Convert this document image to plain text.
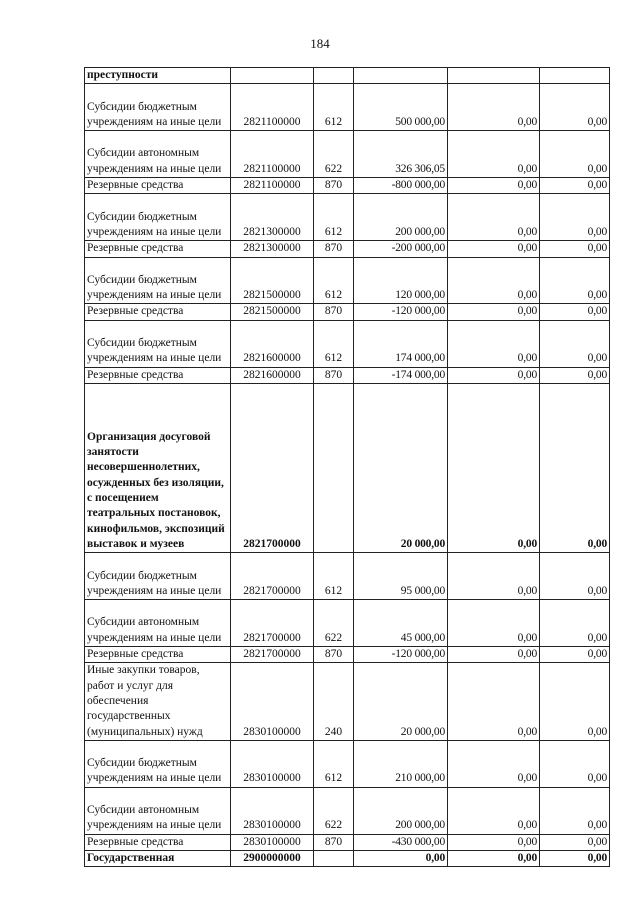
184
преступности					
Субсидии бюджетным учреждениям на иные цели	2821100000	612	500 000,00	0,00	0,00
Субсидии автономным учреждениям на иные цели	2821100000	622	326 306,05	0,00	0,00
Резервные средства	2821100000	870	-800 000,00	0,00	0,00
Субсидии бюджетным учреждениям на иные цели	2821300000	612	200 000,00	0,00	0,00
Резервные средства	2821300000	870	-200 000,00	0,00	0,00
Субсидии бюджетным учреждениям на иные цели	2821500000	612	120 000,00	0,00	0,00
Резервные средства	2821500000	870	-120 000,00	0,00	0,00
Субсидии бюджетным учреждениям на иные цели	2821600000	612	174 000,00	0,00	0,00
Резервные средства	2821600000	870	-174 000,00	0,00	0,00
Организация досуговой занятости несовершеннолетних, осужденных без изоляции, с посещением театральных постановок, кинофильмов, экспозиций выставок и музеев	2821700000		20 000,00	0,00	0,00
Субсидии бюджетным учреждениям на иные цели	2821700000	612	95 000,00	0,00	0,00
Субсидии автономным учреждениям на иные цели	2821700000	622	45 000,00	0,00	0,00
Резервные средства	2821700000	870	-120 000,00	0,00	0,00
Иные закупки товаров, работ и услуг для обеспечения государственных (муниципальных) нужд	2830100000	240	20 000,00	0,00	0,00
Субсидии бюджетным учреждениям на иные цели	2830100000	612	210 000,00	0,00	0,00
Субсидии автономным учреждениям на иные цели	2830100000	622	200 000,00	0,00	0,00
Резервные средства	2830100000	870	-430 000,00	0,00	0,00
Государственная	2900000000		0,00	0,00	0,00
